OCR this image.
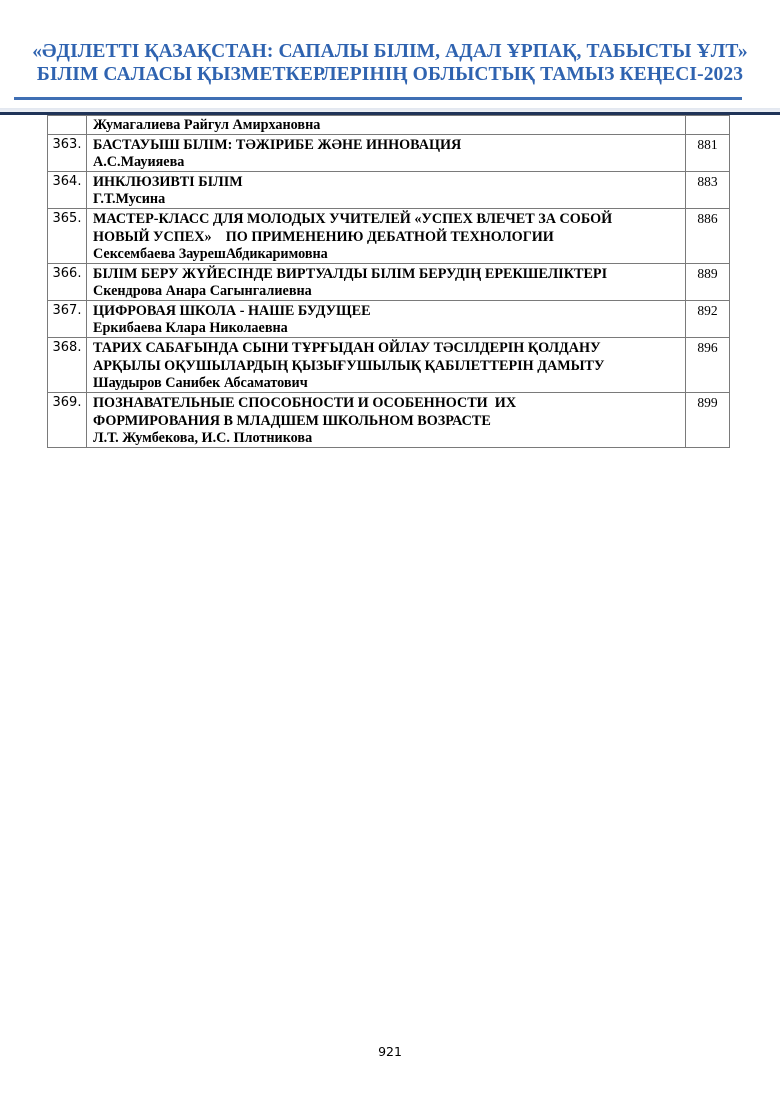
«ӘДІЛЕТТІ ҚАЗАҚСТАН: САПАЛЫ БІЛІМ, АДАЛ ҰРПАҚ, ТАБЫСТЫ ҰЛТ»
БІЛІМ САЛАСЫ ҚЫЗМЕТКЕРЛЕРІНІҢ ОБЛЫСТЫҚ ТАМЫЗ КЕҢЕСІ-2023

	Жумагалиева Райгул Амирхановна	

363.	БАСТАУЫШ БІЛІМ: ТӘЖІРИБЕ ЖӘНЕ ИННОВАЦИЯ
А.С.Мауияева	881
364.	ИНКЛЮЗИВТІ БІЛІМ
Г.Т.Мусина	883
365.	МАСТЕР-КЛАСС ДЛЯ МОЛОДЫХ УЧИТЕЛЕЙ «УСПЕХ ВЛЕЧЕТ ЗА СОБОЙ
НОВЫЙ УСПЕХ»    ПО ПРИМЕНЕНИЮ ДЕБАТНОЙ ТЕХНОЛОГИИ
Сексембаева ЗаурешАбдикаримовна	886
366.	БІЛІМ БЕРУ ЖҮЙЕСІНДЕ ВИРТУАЛДЫ БІЛІМ БЕРУДІҢ ЕРЕКШЕЛІКТЕРІ
Скендрова Анара Сагынгалиевна	889
367.	ЦИФРОВАЯ ШКОЛА - НАШЕ БУДУЩЕЕ
Еркибаева Клара Николаевна	892
368.	ТАРИХ САБАҒЫНДА СЫНИ ТҰРҒЫДАН ОЙЛАУ ТӘСІЛДЕРІН ҚОЛДАНУ
АРҚЫЛЫ ОҚУШЫЛАРДЫҢ ҚЫЗЫҒУШЫЛЫҚ ҚАБІЛЕТТЕРІН ДАМЫТУ
Шаудыров Санибек Абсаматович	896
369.	ПОЗНАВАТЕЛЬНЫЕ СПОСОБНОСТИ И ОСОБЕННОСТИ  ИХ
ФОРМИРОВАНИЯ В МЛАДШЕМ ШКОЛЬНОМ ВОЗРАСТЕ
Л.Т. Жумбекова, И.С. Плотникова	899
921
